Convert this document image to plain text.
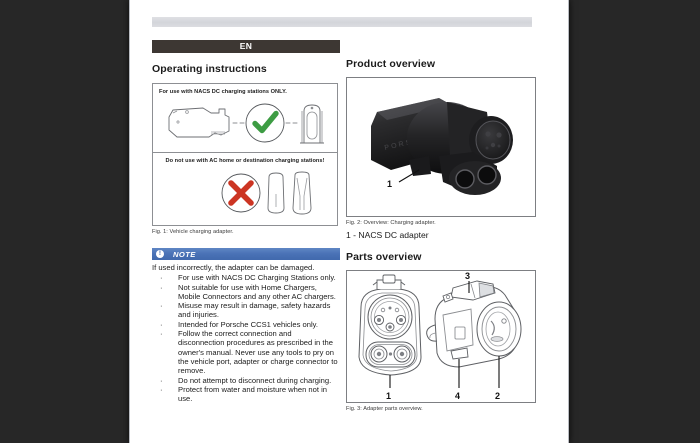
EN
Operating instructions
For use with NACS DC charging stations ONLY.
Do not use with AC home or destination charging stations!
Fig. 1: Vehicle charging adapter.
!	NOTE

If used incorrectly, the adapter can be damaged.

· For use with NACS DC Charging Stations only.
· Not suitable for use with Home Chargers, Mobile Connectors and any other AC chargers.
· Misuse may result in damage, safety hazards and injuries.
· Intended for Porsche CCS1 vehicles only.
· Follow the correct connection and disconnection procedures as prescribed in the owner's manual. Never use any tools to pry on the vehicle port, adapter or charge connector to remove.
· Do not attempt to disconnect during charging.
· Protect from water and moisture when not in use.
Product overview
1
Fig. 2: Overview: Charging adapter.
1 - NACS DC adapter
Parts overview
1
3
4	2
Fig. 3: Adapter parts overview.
